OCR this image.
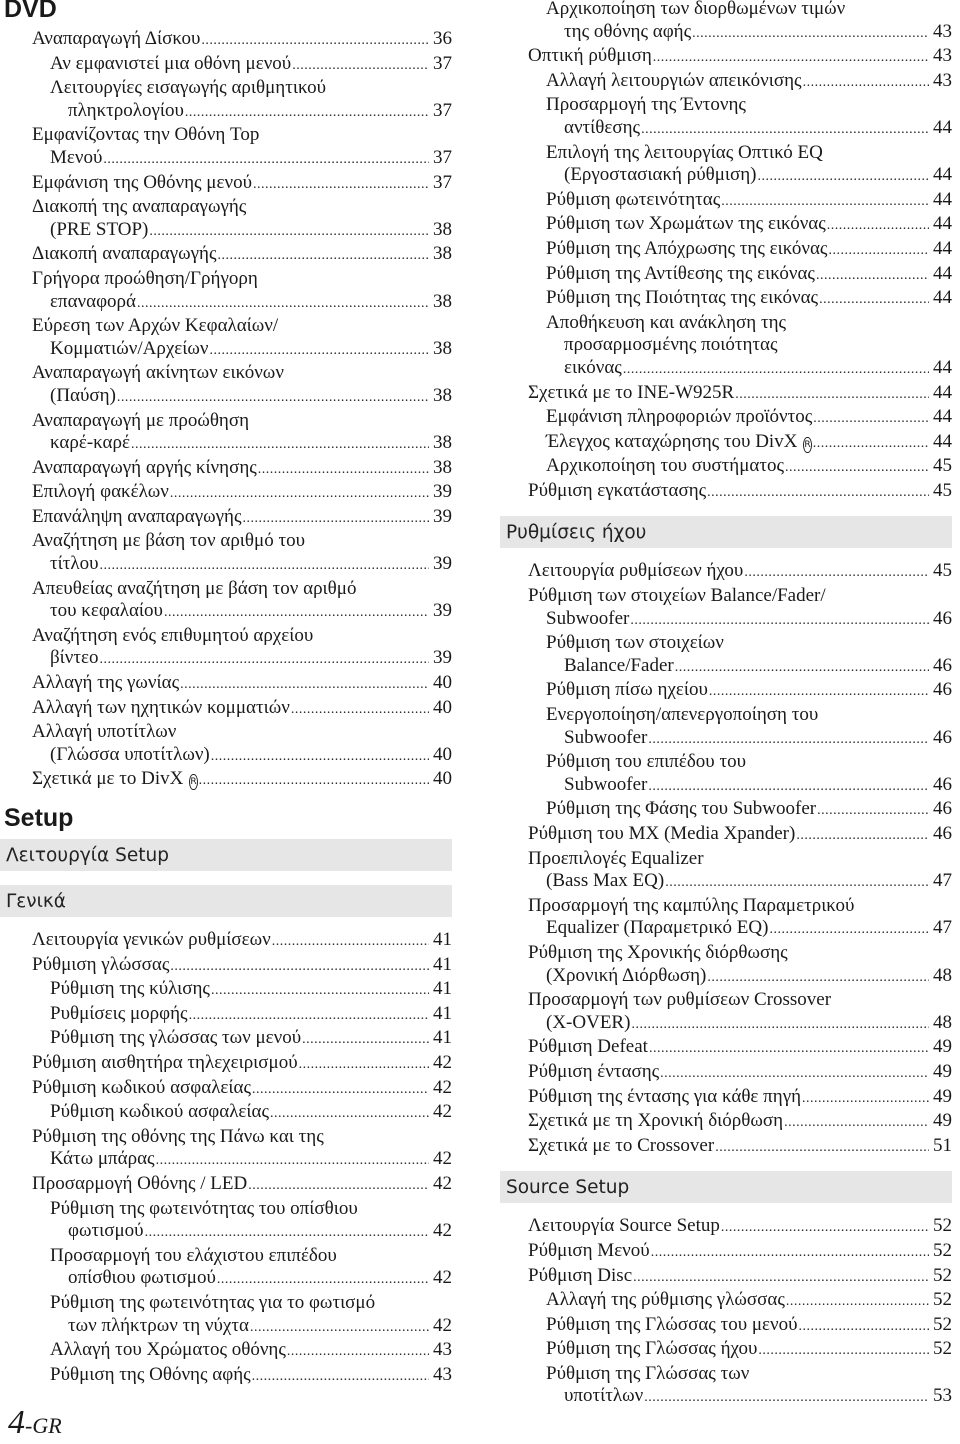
DVD
Αναπαραγωγή Δίσκου .....	36
Αν εμφανιστεί μια οθόνη μενού .....	37
Λειτουργίες εισαγωγής αριθμητικού
πληκτρολογίου .....	37
Εμφανίζοντας την Οθόνη Top
Μενού .....	37
Εμφάνιση της Οθόνης μενού .....	37
Διακοπή της αναπαραγωγής
(PRE STOP) .....	38
Διακοπή αναπαραγωγής .....	38
Γρήγορα προώθηση/Γρήγορη
επαναφορά .....	38
Εύρεση των Αρχών Κεφαλαίων/
Κομματιών/Αρχείων .....	38
Αναπαραγωγή ακίνητων εικόνων
(Παύση) .....	38
Αναπαραγωγή με προώθηση
καρέ-καρέ .....	38
Αναπαραγωγή αργής κίνησης .....	38
Επιλογή φακέλων .....	39
Επανάληψη αναπαραγωγής .....	39
Αναζήτηση με βάση τον αριθμό του
τίτλου .....	39
Απευθείας αναζήτηση με βάση τον αριθμό
του κεφαλαίου .....	39
Αναζήτηση ενός επιθυμητού αρχείου
βίντεο .....	39
Αλλαγή της γωνίας .....	40
Αλλαγή των ηχητικών κομματιών .....	40
Αλλαγή υποτίτλων
(Γλώσσα υποτίτλων) .....	40
Σχετικά με το DivX R .....	40
Setup
Λειτουργία Setup
Γενικά
Λειτουργία γενικών ρυθμίσεων .....	41
Ρύθμιση γλώσσας .....	41
Ρύθμιση της κύλισης .....	41
Ρυθμίσεις μορφής .....	41
Ρύθμιση της γλώσσας των μενού .....	41
Ρύθμιση αισθητήρα τηλεχειρισμού .....	42
Ρύθμιση κωδικού ασφαλείας .....	42
Ρύθμιση κωδικού ασφαλείας .....	42
Ρύθμιση της οθόνης της Πάνω και της
Κάτω μπάρας .....	42
Προσαρμογή Οθόνης / LED .....	42
Ρύθμιση της φωτεινότητας του οπίσθιου
φωτισμού .....	42
Προσαρμογή του ελάχιστου επιπέδου
οπίσθιου φωτισμού .....	42
Ρύθμιση της φωτεινότητας για το φωτισμό
των πλήκτρων τη νύχτα .....	42
Αλλαγή του Χρώματος οθόνης .....	43
Ρύθμιση της Οθόνης αφής .....	43
4-GR
Αρχικοποίηση των διορθωμένων τιμών
της οθόνης αφής .....	43
Οπτική ρύθμιση .....	43
Αλλαγή λειτουργιών απεικόνισης .....	43
Προσαρμογή της Έντονης
αντίθεσης .....	44
Επιλογή της λειτουργίας Οπτικό EQ
(Εργοστασιακή ρύθμιση) .....	44
Ρύθμιση φωτεινότητας .....	44
Ρύθμιση των Χρωμάτων της εικόνας .....	44
Ρύθμιση της Απόχρωσης της εικόνας .....	44
Ρύθμιση της Αντίθεσης της εικόνας .....	44
Ρύθμιση της Ποιότητας της εικόνας .....	44
Αποθήκευση και ανάκληση της
προσαρμοσμένης ποιότητας
εικόνας .....	44
Σχετικά με το INE-W925R .....	44
Εμφάνιση πληροφοριών προϊόντος .....	44
Έλεγχος καταχώρησης του DivX R .....	44
Αρχικοποίηση του συστήματος .....	45
Ρύθμιση εγκατάστασης .....	45
Ρυθμίσεις ήχου
Λειτουργία ρυθμίσεων ήχου .....	45
Ρύθμιση των στοιχείων Balance/Fader/
Subwoofer .....	46
Ρύθμιση των στοιχείων
Balance/Fader .....	46
Ρύθμιση πίσω ηχείου .....	46
Ενεργοποίηση/απενεργοποίηση του
Subwoofer .....	46
Ρύθμιση του επιπέδου του
Subwoofer .....	46
Ρύθμιση της Φάσης του Subwoofer .....	46
Ρύθμιση του MX (Media Xpander) .....	46
Προεπιλογές Equalizer
(Bass Max EQ) .....	47
Προσαρμογή της καμπύλης Παραμετρικού
Equalizer (Παραμετρικό EQ) .....	47
Ρύθμιση της Χρονικής διόρθωσης
(Χρονική Διόρθωση) .....	48
Προσαρμογή των ρυθμίσεων Crossover
(X-OVER) .....	48
Ρύθμιση Defeat .....	49
Ρύθμιση έντασης .....	49
Ρύθμιση της έντασης για κάθε πηγή .....	49
Σχετικά με τη Χρονική διόρθωση .....	49
Σχετικά με το Crossover .....	51
Source Setup
Λειτουργία Source Setup .....	52
Ρύθμιση Μενού .....	52
Ρύθμιση Disc .....	52
Αλλαγή της ρύθμισης γλώσσας .....	52
Ρύθμιση της Γλώσσας του μενού .....	52
Ρύθμιση της Γλώσσας ήχου .....	52
Ρύθμιση της Γλώσσας των
υποτίτλων .....	53
